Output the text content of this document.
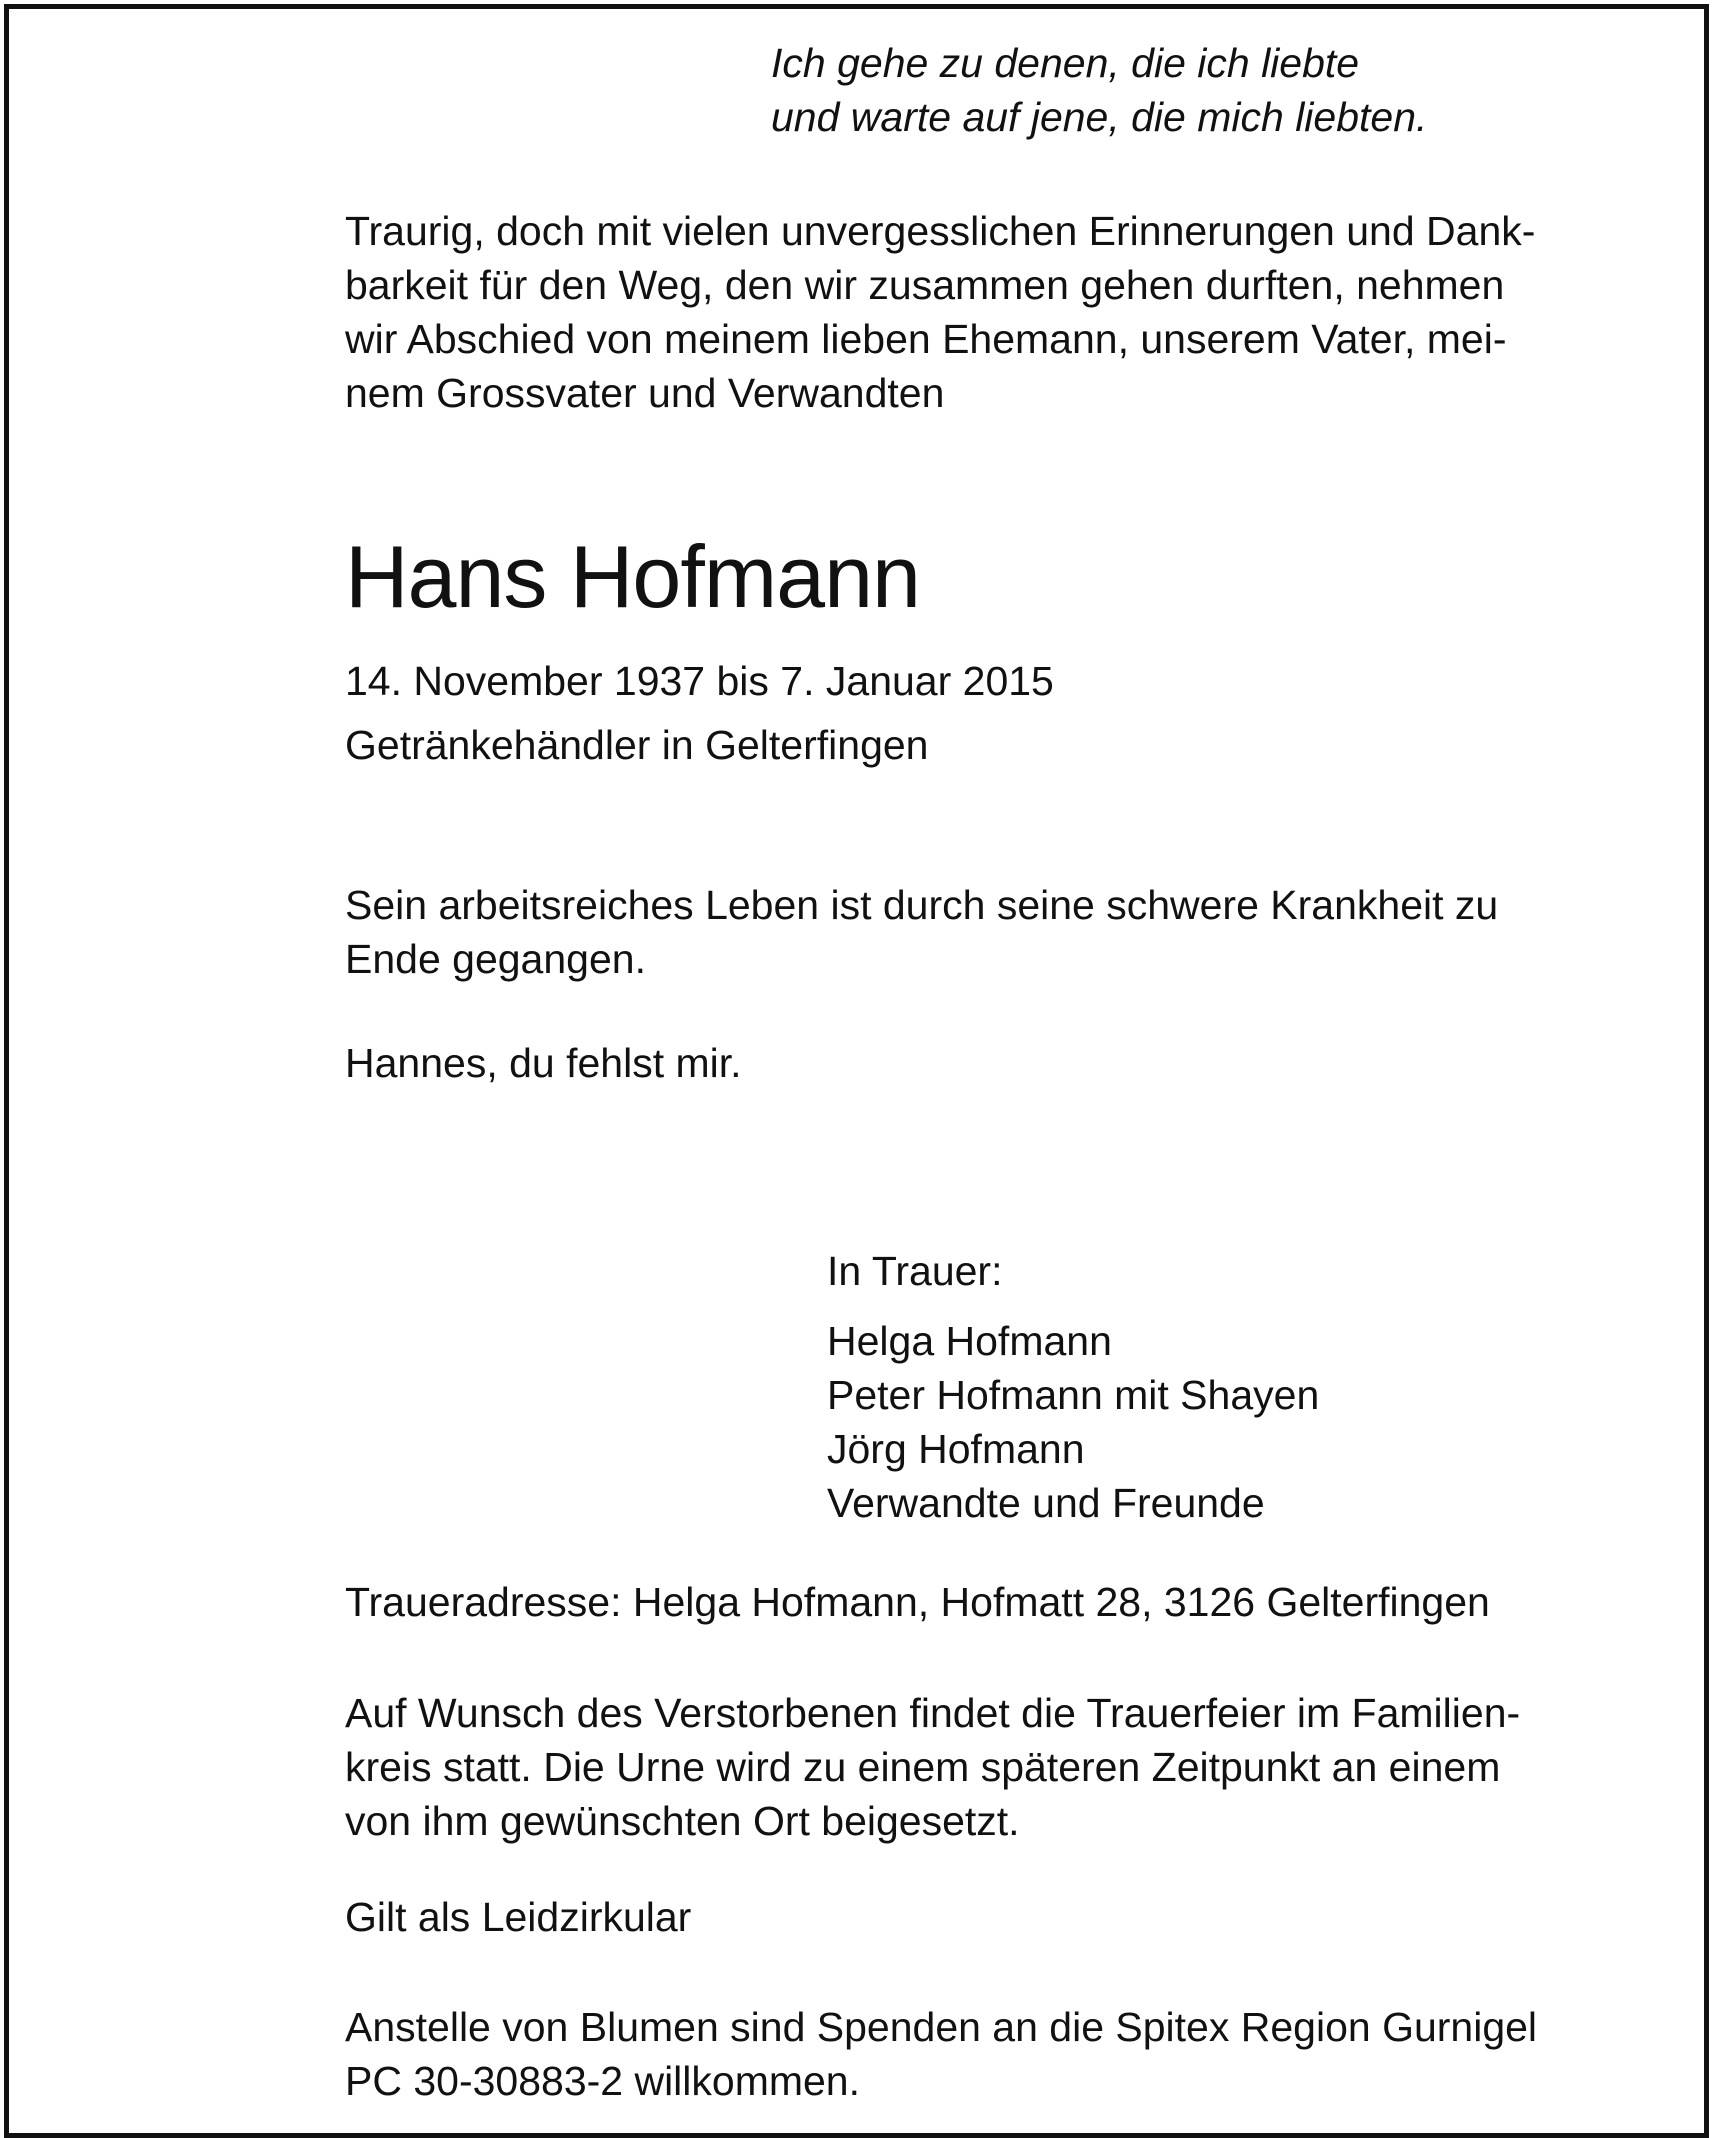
Ich gehe zu denen, die ich liebte
und warte auf jene, die mich liebten.
Traurig, doch mit vielen unvergesslichen Erinnerungen und Dank-
barkeit für den Weg, den wir zusammen gehen durften, nehmen
wir Abschied von meinem lieben Ehemann, unserem Vater, mei-
nem Grossvater und Verwandten
Hans Hofmann
14. November 1937 bis 7. Januar 2015
Getränkehändler in Gelterfingen
Sein arbeitsreiches Leben ist durch seine schwere Krankheit zu
Ende gegangen.
Hannes, du fehlst mir.
In Trauer:
Helga Hofmann
Peter Hofmann mit Shayen
Jörg Hofmann
Verwandte und Freunde
Traueradresse: Helga Hofmann, Hofmatt 28, 3126 Gelterfingen
Auf Wunsch des Verstorbenen findet die Trauerfeier im Familien-
kreis statt. Die Urne wird zu einem späteren Zeitpunkt an einem
von ihm gewünschten Ort beigesetzt.
Gilt als Leidzirkular
Anstelle von Blumen sind Spenden an die Spitex Region Gurnigel
PC 30-30883-2 willkommen.
